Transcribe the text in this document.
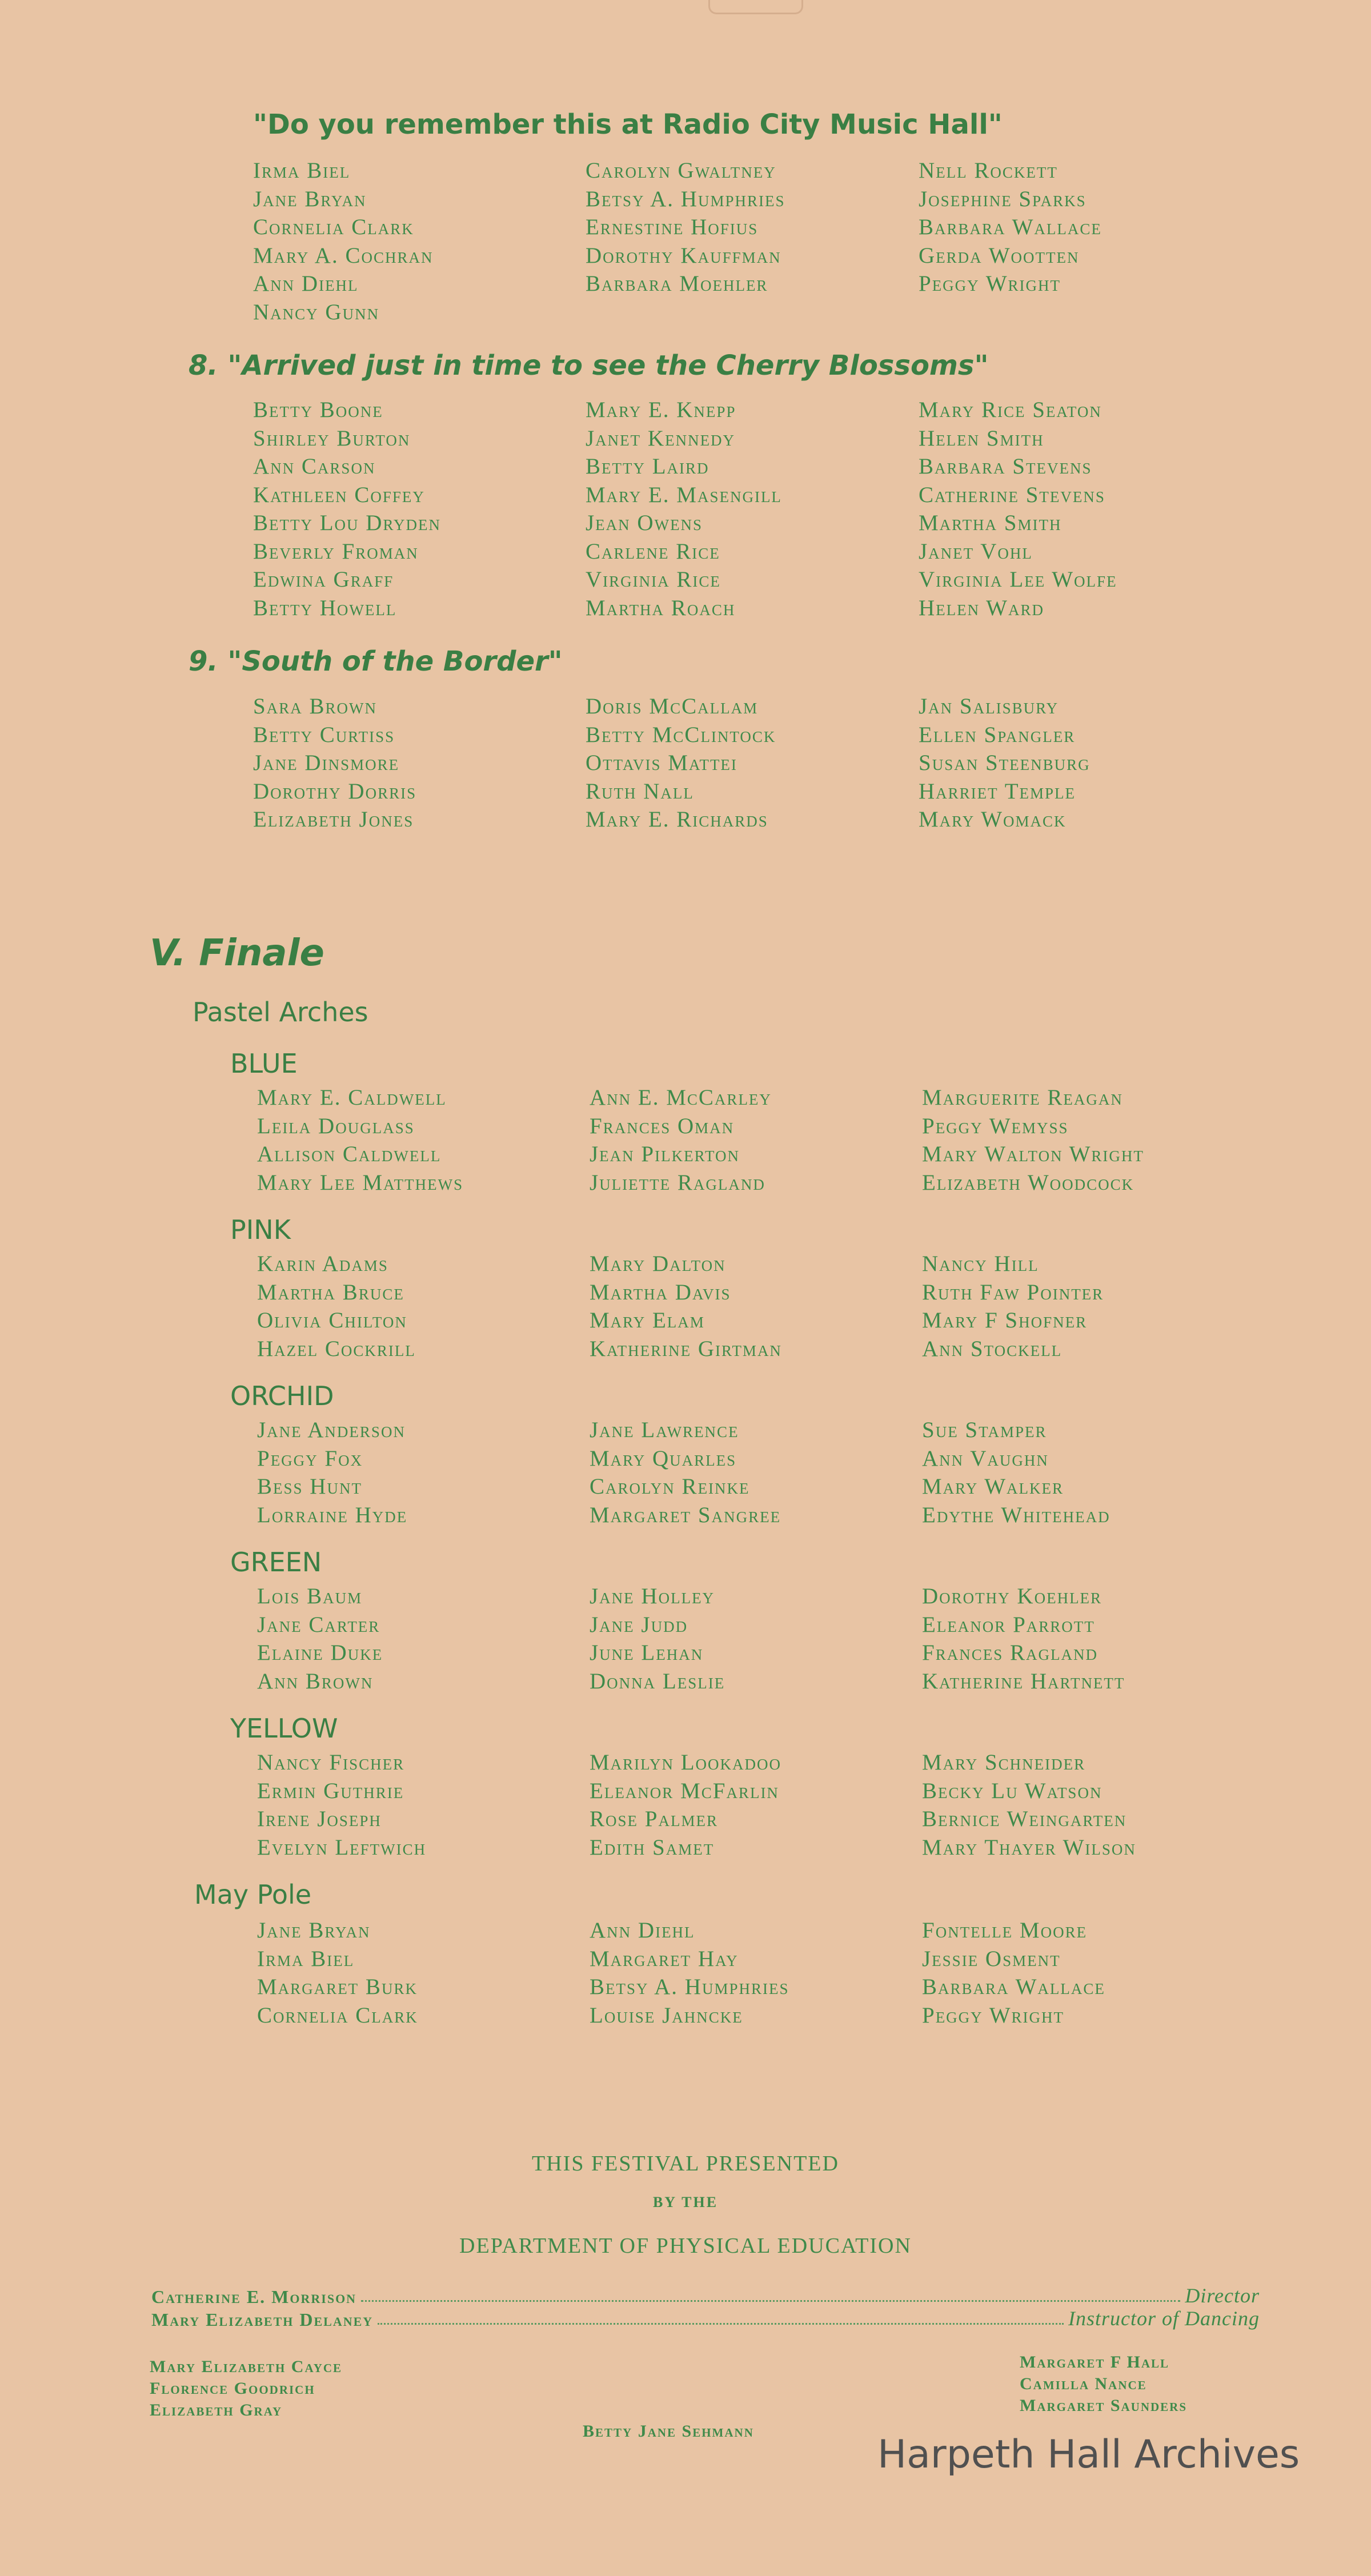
"Do you remember this at Radio City Music Hall"
Irma Biel
Jane Bryan
Cornelia Clark
Mary A. Cochran
Ann Diehl
Nancy Gunn
Carolyn Gwaltney
Betsy A. Humphries
Ernestine Hofius
Dorothy Kauffman
Barbara Moehler
Nell Rockett
Josephine Sparks
Barbara Wallace
Gerda Wootten
Peggy Wright
8. "Arrived just in time to see the Cherry Blossoms"
Betty Boone
Shirley Burton
Ann Carson
Kathleen Coffey
Betty Lou Dryden
Beverly Froman
Edwina Graff
Betty Howell
Mary E. Knepp
Janet Kennedy
Betty Laird
Mary E. Masengill
Jean Owens
Carlene Rice
Virginia Rice
Martha Roach
Mary Rice Seaton
Helen Smith
Barbara Stevens
Catherine Stevens
Martha Smith
Janet Vohl
Virginia Lee Wolfe
Helen Ward
9. "South of the Border"
Sara Brown
Betty Curtiss
Jane Dinsmore
Dorothy Dorris
Elizabeth Jones
Doris McCallam
Betty McClintock
Ottavis Mattei
Ruth Nall
Mary E. Richards
Jan Salisbury
Ellen Spangler
Susan Steenburg
Harriet Temple
Mary Womack
V. Finale
Pastel Arches
BLUE
Mary E. Caldwell
Leila Douglass
Allison Caldwell
Mary Lee Matthews
Ann E. McCarley
Frances Oman
Jean Pilkerton
Juliette Ragland
Marguerite Reagan
Peggy Wemyss
Mary Walton Wright
Elizabeth Woodcock
PINK
Karin Adams
Martha Bruce
Olivia Chilton
Hazel Cockrill
Mary Dalton
Martha Davis
Mary Elam
Katherine Girtman
Nancy Hill
Ruth Faw Pointer
Mary F Shofner
Ann Stockell
ORCHID
Jane Anderson
Peggy Fox
Bess Hunt
Lorraine Hyde
Jane Lawrence
Mary Quarles
Carolyn Reinke
Margaret Sangree
Sue Stamper
Ann Vaughn
Mary Walker
Edythe Whitehead
GREEN
Lois Baum
Jane Carter
Elaine Duke
Ann Brown
Jane Holley
Jane Judd
June Lehan
Donna Leslie
Dorothy Koehler
Eleanor Parrott
Frances Ragland
Katherine Hartnett
YELLOW
Nancy Fischer
Ermin Guthrie
Irene Joseph
Evelyn Leftwich
Marilyn Lookadoo
Eleanor McFarlin
Rose Palmer
Edith Samet
Mary Schneider
Becky Lu Watson
Bernice Weingarten
Mary Thayer Wilson
May Pole
Jane Bryan
Irma Biel
Margaret Burk
Cornelia Clark
Ann Diehl
Margaret Hay
Betsy A. Humphries
Louise Jahncke
Fontelle Moore
Jessie Osment
Barbara Wallace
Peggy Wright
THIS FESTIVAL PRESENTED
BY THE
DEPARTMENT OF PHYSICAL EDUCATION
Catherine E. Morrison	Director
Mary Elizabeth Delaney	Instructor of Dancing
Mary Elizabeth Cayce
Florence Goodrich
Elizabeth Gray
Margaret F Hall
Camilla Nance
Margaret Saunders
Betty Jane Sehmann
Harpeth Hall Archives
